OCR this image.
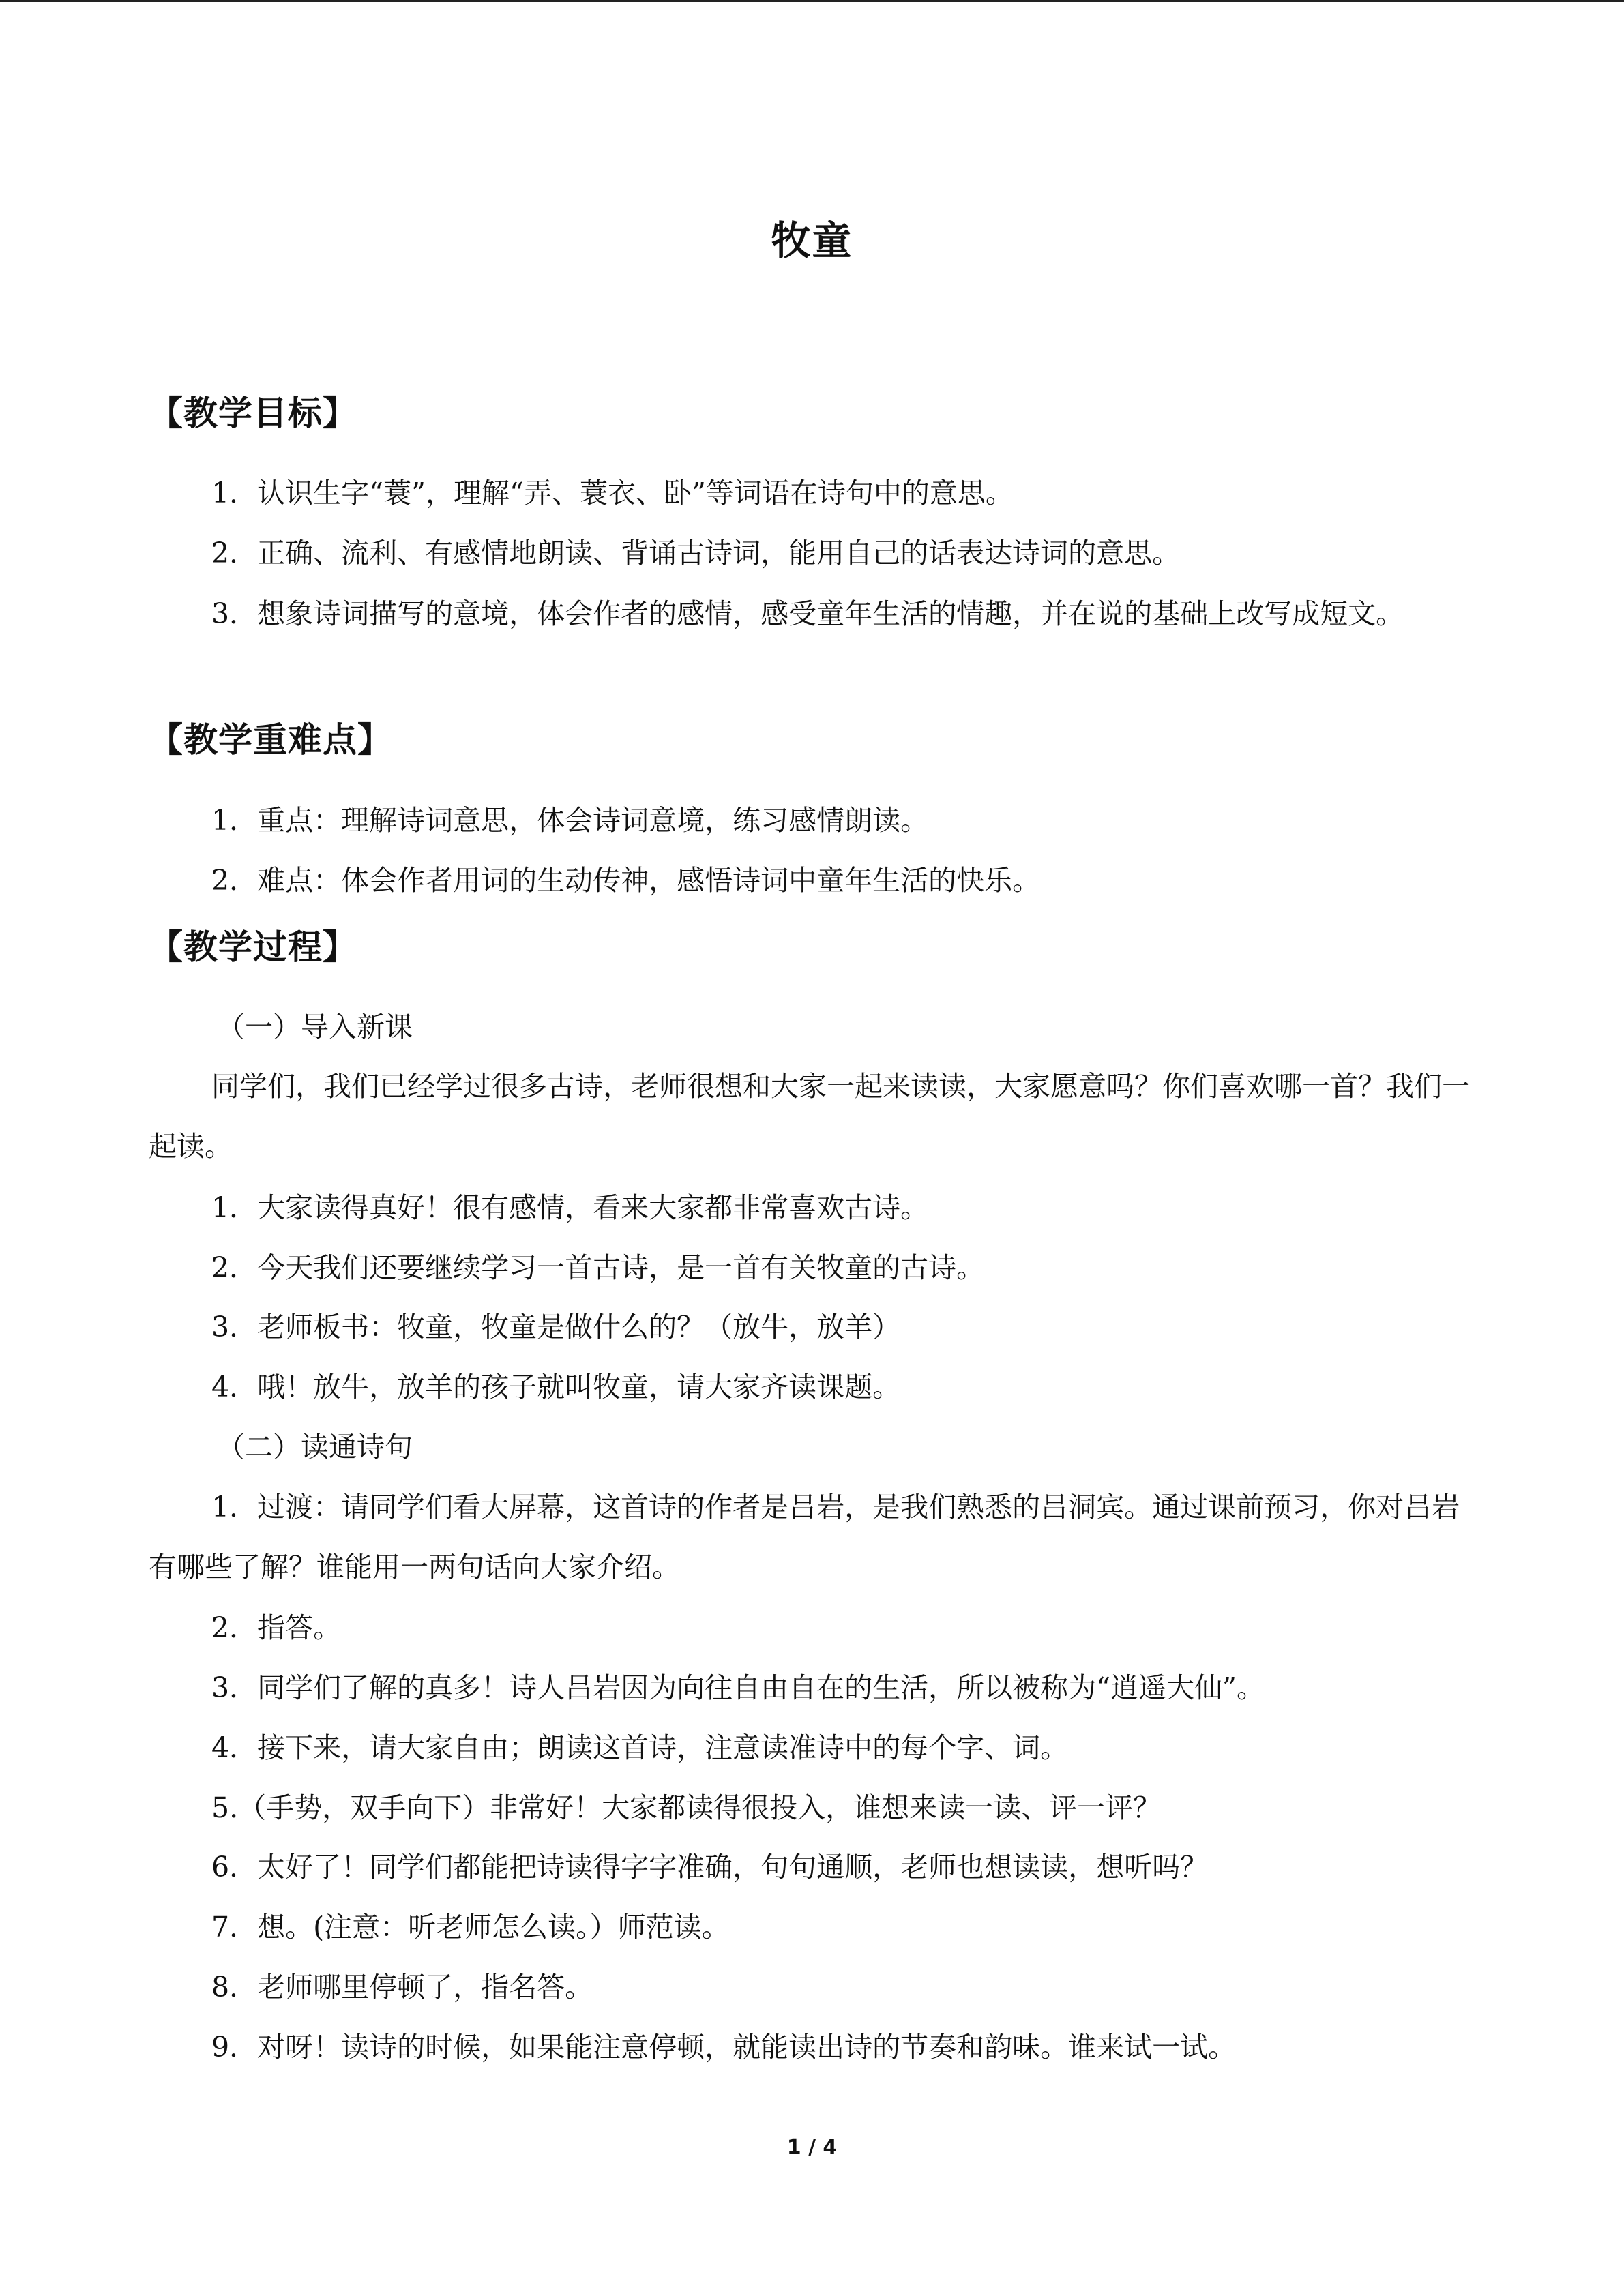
牧童
【教学目标】
1．认识生字“蓑”，理解“弄、蓑衣、卧”等词语在诗句中的意思。
2．正确、流利、有感情地朗读、背诵古诗词，能用自己的话表达诗词的意思。
3．想象诗词描写的意境，体会作者的感情，感受童年生活的情趣，并在说的基础上改写成短文。
【教学重难点】
1．重点：理解诗词意思，体会诗词意境，练习感情朗读。
2．难点：体会作者用词的生动传神，感悟诗词中童年生活的快乐。
【教学过程】
（一）导入新课
同学们，我们已经学过很多古诗，老师很想和大家一起来读读，大家愿意吗？你们喜欢哪一首？我们一起读。
1．大家读得真好！很有感情，看来大家都非常喜欢古诗。
2．今天我们还要继续学习一首古诗，是一首有关牧童的古诗。
3．老师板书：牧童，牧童是做什么的？（放牛，放羊）
4．哦！放牛，放羊的孩子就叫牧童，请大家齐读课题。
（二）读通诗句
1．过渡：请同学们看大屏幕，这首诗的作者是吕岩，是我们熟悉的吕洞宾。通过课前预习，你对吕岩有哪些了解？谁能用一两句话向大家介绍。
2．指答。
3．同学们了解的真多！诗人吕岩因为向往自由自在的生活，所以被称为“逍遥大仙”。
4．接下来，请大家自由；朗读这首诗，注意读准诗中的每个字、词。
5.（手势，双手向下）非常好！大家都读得很投入，谁想来读一读、评一评？
6．太好了！同学们都能把诗读得字字准确，句句通顺，老师也想读读，想听吗？
7．想。(注意：听老师怎么读。）师范读。
8．老师哪里停顿了，指名答。
9．对呀！读诗的时候，如果能注意停顿，就能读出诗的节奏和韵味。谁来试一试。
1 / 4
